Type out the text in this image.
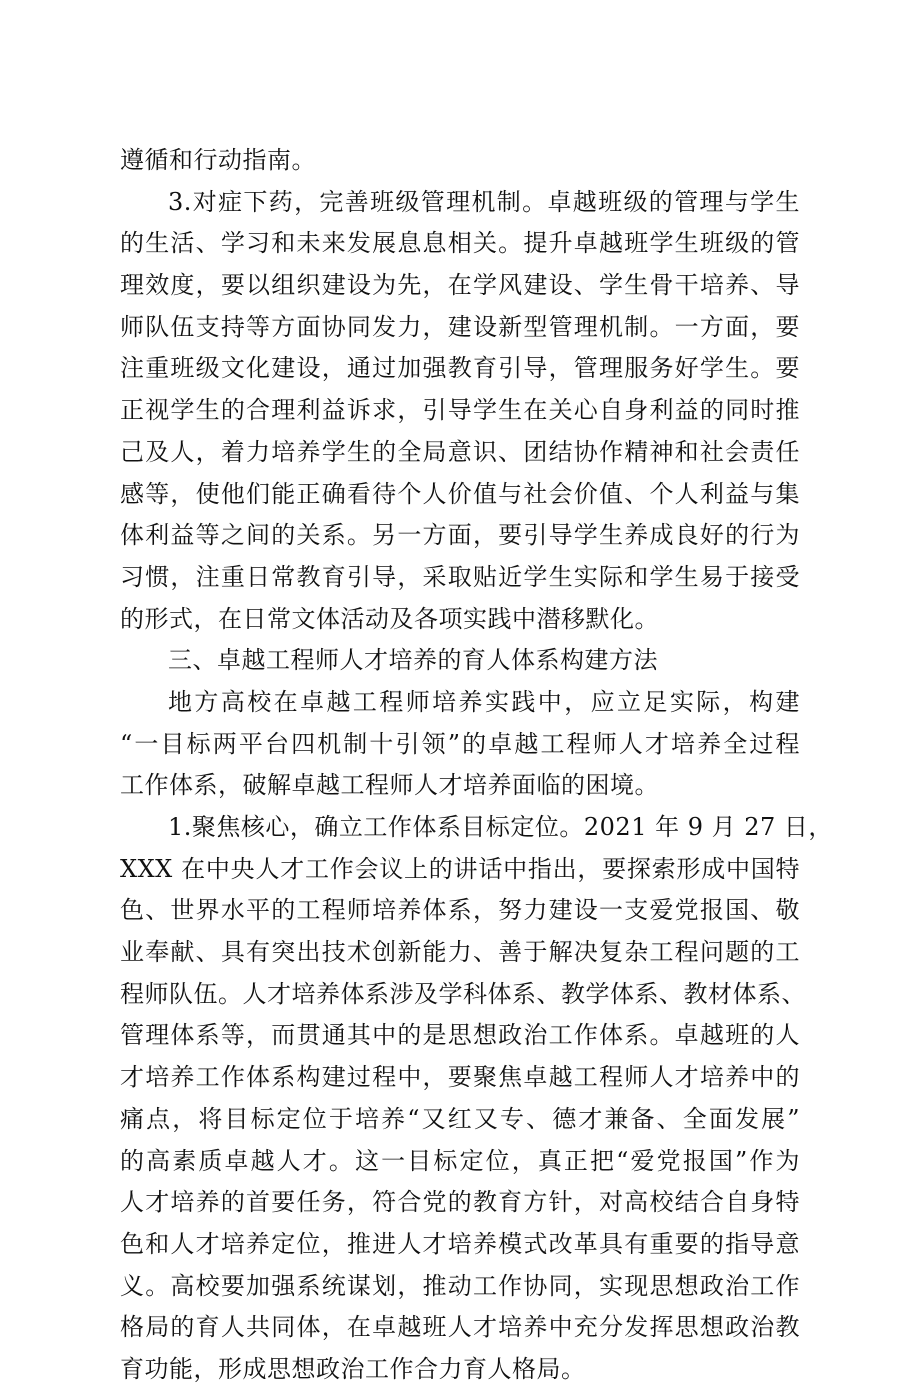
遵循和行动指南。
3.对症下药，完善班级管理机制。卓越班级的管理与学生
的生活、学习和未来发展息息相关。提升卓越班学生班级的管
理效度，要以组织建设为先，在学风建设、学生骨干培养、导
师队伍支持等方面协同发力，建设新型管理机制。一方面，要
注重班级文化建设，通过加强教育引导，管理服务好学生。要
正视学生的合理利益诉求，引导学生在关心自身利益的同时推
己及人，着力培养学生的全局意识、团结协作精神和社会责任
感等，使他们能正确看待个人价值与社会价值、个人利益与集
体利益等之间的关系。另一方面，要引导学生养成良好的行为
习惯，注重日常教育引导，采取贴近学生实际和学生易于接受
的形式，在日常文体活动及各项实践中潜移默化。
三、卓越工程师人才培养的育人体系构建方法
地方高校在卓越工程师培养实践中，应立足实际，构建
“一目标两平台四机制十引领”的卓越工程师人才培养全过程
工作体系，破解卓越工程师人才培养面临的困境。
1.聚焦核心，确立工作体系目标定位。2021 年 9 月 27 日，
XXX 在中央人才工作会议上的讲话中指出，要探索形成中国特
色、世界水平的工程师培养体系，努力建设一支爱党报国、敬
业奉献、具有突出技术创新能力、善于解决复杂工程问题的工
程师队伍。人才培养体系涉及学科体系、教学体系、教材体系、
管理体系等，而贯通其中的是思想政治工作体系。卓越班的人
才培养工作体系构建过程中，要聚焦卓越工程师人才培养中的
痛点，将目标定位于培养“又红又专、德才兼备、全面发展”
的高素质卓越人才。这一目标定位，真正把“爱党报国”作为
人才培养的首要任务，符合党的教育方针，对高校结合自身特
色和人才培养定位，推进人才培养模式改革具有重要的指导意
义。高校要加强系统谋划，推动工作协同，实现思想政治工作
格局的育人共同体，在卓越班人才培养中充分发挥思想政治教
育功能，形成思想政治工作合力育人格局。
